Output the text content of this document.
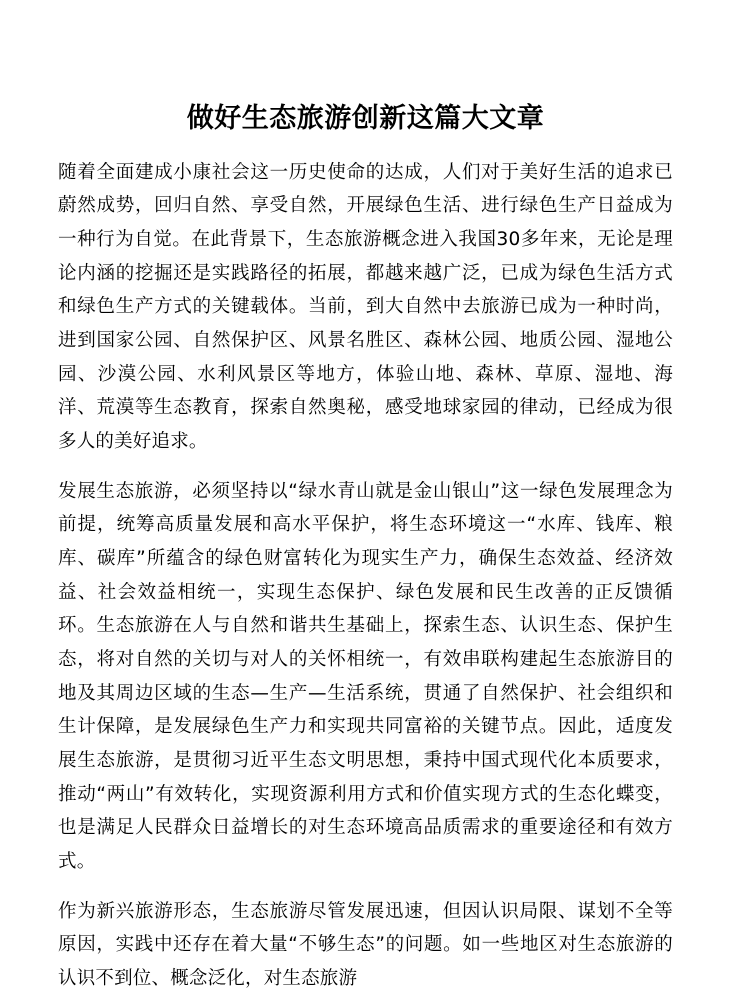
做好生态旅游创新这篇大文章

随着全面建成小康社会这一历史使命的达成，人们对于美好生活的追求已蔚然成势，回归自然、享受自然，开展绿色生活、进行绿色生产日益成为一种行为自觉。在此背景下，生态旅游概念进入我国30多年来，无论是理论内涵的挖掘还是实践路径的拓展，都越来越广泛，已成为绿色生活方式和绿色生产方式的关键载体。当前，到大自然中去旅游已成为一种时尚，进到国家公园、自然保护区、风景名胜区、森林公园、地质公园、湿地公园、沙漠公园、水利风景区等地方，体验山地、森林、草原、湿地、海洋、荒漠等生态教育，探索自然奥秘，感受地球家园的律动，已经成为很多人的美好追求。

发展生态旅游，必须坚持以“绿水青山就是金山银山”这一绿色发展理念为前提，统筹高质量发展和高水平保护，将生态环境这一“水库、钱库、粮库、碳库”所蕴含的绿色财富转化为现实生产力，确保生态效益、经济效益、社会效益相统一，实现生态保护、绿色发展和民生改善的正反馈循环。生态旅游在人与自然和谐共生基础上，探索生态、认识生态、保护生态，将对自然的关切与对人的关怀相统一，有效串联构建起生态旅游目的地及其周边区域的生态—生产—生活系统，贯通了自然保护、社会组织和生计保障，是发展绿色生产力和实现共同富裕的关键节点。因此，适度发展生态旅游，是贯彻习近平生态文明思想，秉持中国式现代化本质要求，推动“两山”有效转化，实现资源利用方式和价值实现方式的生态化蝶变，也是满足人民群众日益增长的对生态环境高品质需求的重要途径和有效方式。

作为新兴旅游形态，生态旅游尽管发展迅速，但因认识局限、谋划不全等原因，实践中还存在着大量“不够生态”的问题。如一些地区对生态旅游的认识不到位、概念泛化，对生态旅游
